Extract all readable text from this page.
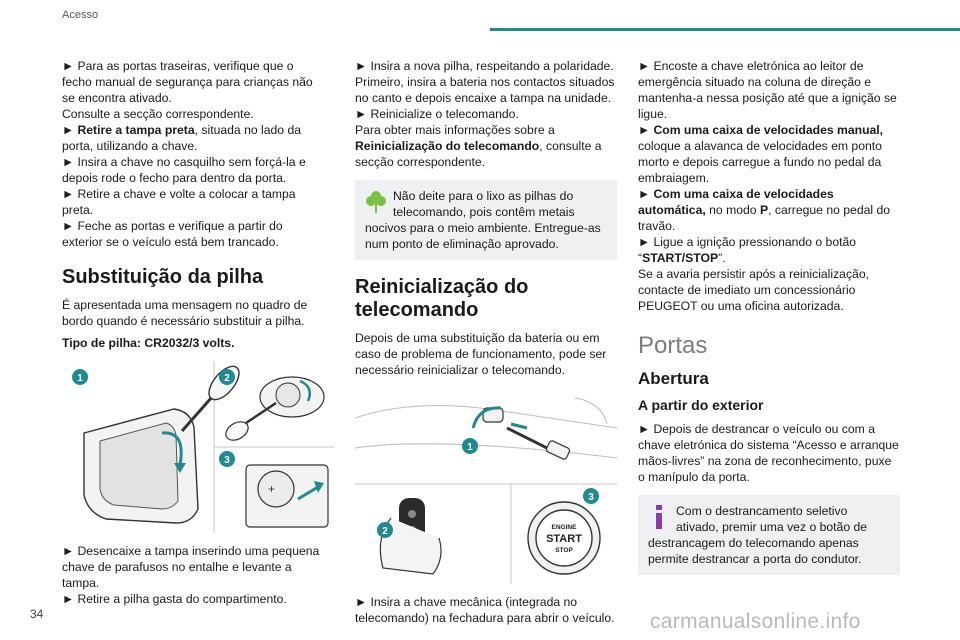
Acesso

► Para as portas traseiras, verifique que o fecho manual de segurança para crianças não se encontra ativado.

Consulte a secção correspondente.

► Retire a tampa preta, situada no lado da porta, utilizando a chave.

► Insira a chave no casquilho sem forçá-la e depois rode o fecho para dentro da porta.

► Retire a chave e volte a colocar a tampa preta.

► Feche as portas e verifique a partir do exterior se o veículo está bem trancado.

Substituição da pilha

É apresentada uma mensagem no quadro de bordo quando é necessário substituir a pilha.

Tipo de pilha: CR2032/3 volts.

+
1	2
3

► Desencaixe a tampa inserindo uma pequena chave de parafusos no entalhe e levante a tampa.

► Retire a pilha gasta do compartimento.

► Insira a nova pilha, respeitando a polaridade. Primeiro, insira a bateria nos contactos situados no canto e depois encaixe a tampa na unidade.

► Reinicialize o telecomando.

Para obter mais informações sobre a Reinicialização do telecomando, consulte a secção correspondente.

Não deite para o lixo as pilhas do telecomando, pois contêm metais nocivos para o meio ambiente. Entregue-as num ponto de eliminação aprovado.
Reinicialização do telecomando

Depois de uma substituição da bateria ou em caso de problema de funcionamento, pode ser necessário reinicializar o telecomando.

ENGINE
START
STOP
1
2
3

► Insira a chave mecânica (integrada no telecomando) na fechadura para abrir o veículo.

► Encoste a chave eletrónica ao leitor de emergência situado na coluna de direção e mantenha-a nessa posição até que a ignição se ligue.

► Com uma caixa de velocidades manual, coloque a alavanca de velocidades em ponto morto e depois carregue a fundo no pedal da embraiagem.

► Com uma caixa de velocidades automática, no modo P, carregue no pedal do travão.

► Ligue a ignição pressionando o botão “START/STOP”.

Se a avaria persistir após a reinicialização, contacte de imediato um concessionário PEUGEOT ou uma oficina autorizada.

Portas
Abertura
A partir do exterior

► Depois de destrancar o veículo ou com a chave eletrónica do sistema “Acesso e arranque mãos-livres” na zona de reconhecimento, puxe o manípulo da porta.

Com o destrancamento seletivo ativado, premir uma vez o botão de destrancagem do telecomando apenas permite destrancar a porta do condutor.
34	carmanualsonline.info
